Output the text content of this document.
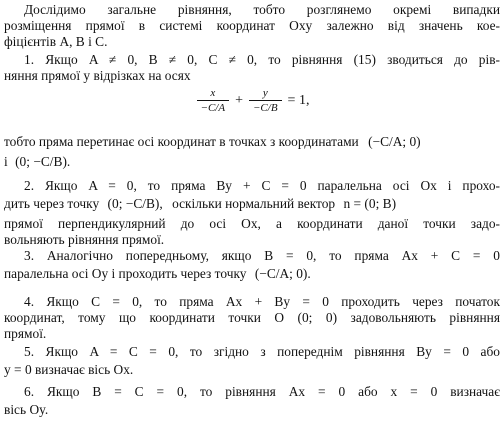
Дослідимо загальне рівняння, тобто розглянемо окремі випадки
розміщення прямої в системі координат Oxy залежно від значень кое-
фіцієнтів A, B і C.
1. Якщо A ≠ 0, B ≠ 0, C ≠ 0, то рівняння (15) зводиться до рів-
няння прямої у відрізках на осях
$\frac{x}{-C/A} + \frac{y}{-C/B} = 1$,
тобто пряма перетинає осі координат в точках з координатами (−C/A; 0)
і (0; −C/B).
2. Якщо A = 0, то пряма By + C = 0 паралельна осі Ox і прохо-
дить через точку (0; −C/B), оскільки нормальний вектор n = (0; B)
прямої перпендикулярний до осі Ox, а координати даної точки задо-
вольняють рівняння прямої.
3. Аналогічно попередньому, якщо B = 0, то пряма Ax + C = 0
паралельна осі Oy і проходить через точку (−C/A; 0).
4. Якщо C = 0, то пряма Ax + By = 0 проходить через початок
координат, тому що координати точки O (0; 0) задовольняють рівняння
прямої.
5. Якщо A = C = 0, то згідно з попереднім рівняння By = 0 або
y = 0 визначає вісь Ox.
6. Якщо B = C = 0, то рівняння Ax = 0 або x = 0 визначає
вісь Oy.
